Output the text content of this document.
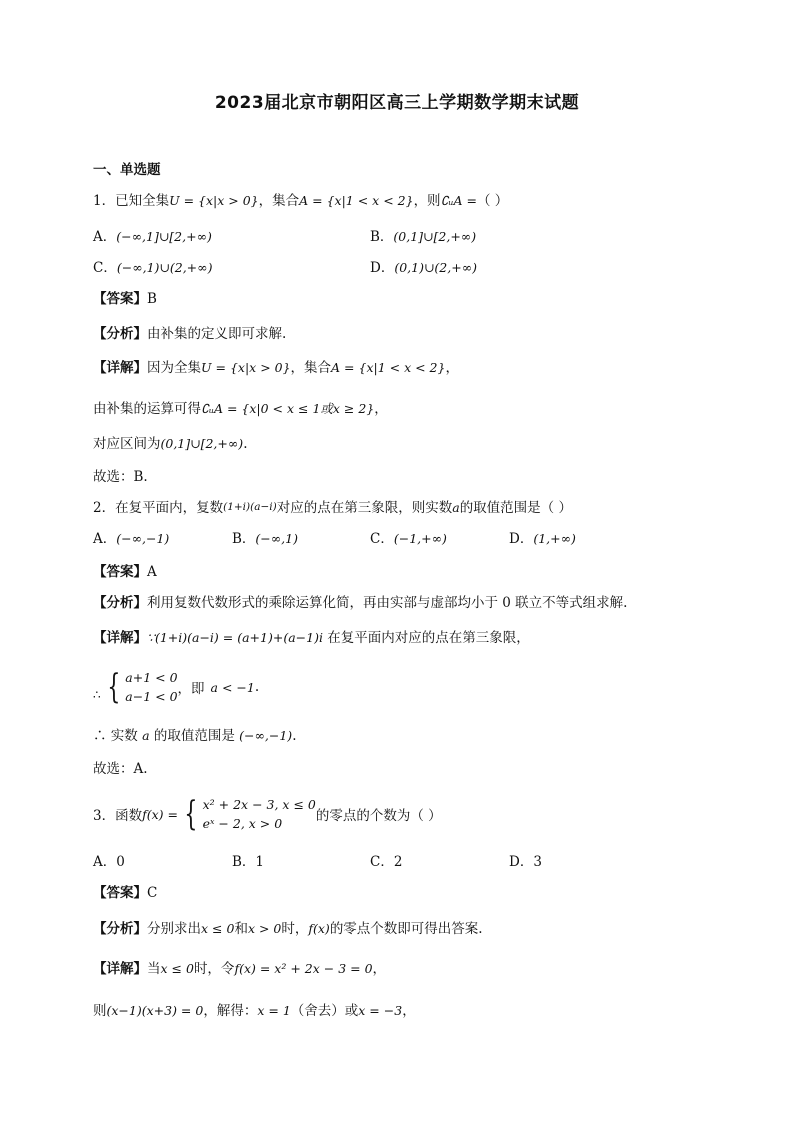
2023届北京市朝阳区高三上学期数学期末试题
一、单选题
1．已知全集U = {x|x > 0}，集合A = {x|1 < x < 2}，则∁ᵤA =（ ）
A．(−∞,1]∪[2,+∞)	B．(0,1]∪[2,+∞)
C．(−∞,1)∪(2,+∞)	D．(0,1)∪(2,+∞)
【答案】B
【分析】由补集的定义即可求解.
【详解】因为全集U = {x|x > 0}，集合A = {x|1 < x < 2}，
由补集的运算可得∁ᵤA = {x|0 < x ≤ 1或x ≥ 2}，
对应区间为(0,1]∪[2,+∞).
故选：B.
2．在复平面内，复数(1+i)(a−i)对应的点在第三象限，则实数a的取值范围是（ ）
A．(−∞,−1)	B．(−∞,1)	C．(−1,+∞)	D．(1,+∞)
【答案】A
【分析】利用复数代数形式的乘除运算化简，再由实部与虚部均小于 0 联立不等式组求解.
【详解】∵(1+i)(a−i) = (a+1)+(a−1)i 在复平面内对应的点在第三象限，
∴ { a+1 < 0
a−1 < 0 ，即 a < −1 .
∴ 实数 a 的取值范围是 (−∞,−1).
故选：A.
3．函数 f(x) = { x² + 2x − 3, x ≤ 0
eˣ − 2, x > 0	的零点的个数为（ ）
A．0	B．1	C．2	D．3
【答案】C
【分析】分别求出x ≤ 0和x > 0时，f(x)的零点个数即可得出答案.
【详解】当x ≤ 0时，令f(x) = x² + 2x − 3 = 0，
则(x−1)(x+3) = 0，解得：x = 1（舍去）或x = −3，
